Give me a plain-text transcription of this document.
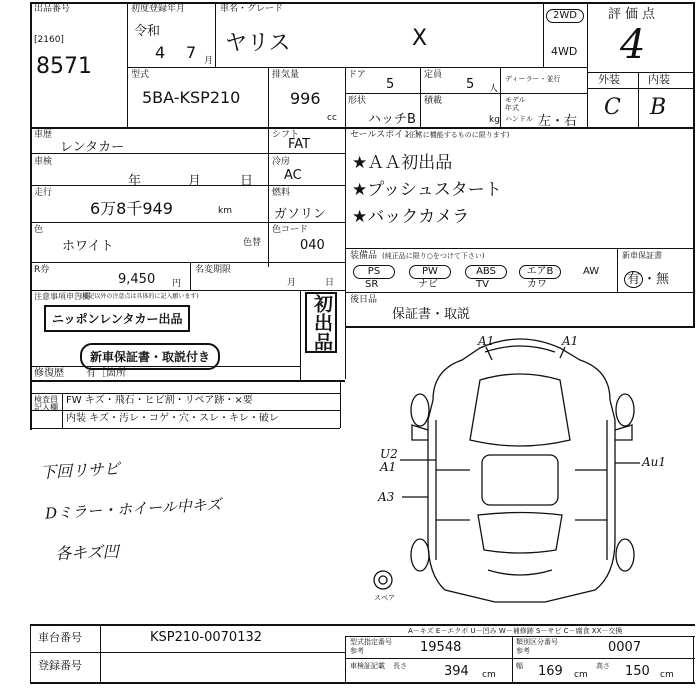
出品番号
[2160]
8571
初度登録年月
令和
4 7 月
車名・グレード
ヤリス	X
2WD
4WD
評価点
4
外装	内装
C B
型式
5BA-KSP210
排気量
996
cc
ドア
5
定員
5 人
ディーラー・並行
モデル年式
形状
ハッチB
積載
kg ハンドル 左・右
車歴
レンタカー
シフト
FAT
車検
年	月	日
冷房
AC
走行
6万8千949	km
燃料
ガソリン
色
ホワイト	色替
色コード
040
R券
9,450 円
名変期限
月	日
注意事項申告欄
(下記以外の注意点は具体的に記入願います)
ニッポンレンタカー出品
新車保証書・取説付き
初出品
修復歴 有［箇所
検査員記入欄
FW キズ・飛石・ヒビ割・リペア跡・×要
内装 キズ・汚レ・コゲ・穴・スレ・キレ・破レ
下回リサビ
Dミラー・ホイール中キズ
各キズ凹
セールスポイント
(正常に機能するものに限ります)
★ＡＡ初出品
★プッシュスタート
★バックカメラ
装備品 (純正品に限り○をつけて下さい)	新車保証書
有 ・無
PS	PW	ABS	エアB	AW
SR	ナビ	TV	カワ
後日品
保証書・取説
A1	A1
U2
A1
A3
Au1
スペア
A－キズ E－エクボ U－凹み W－補修跡 S－サビ C－腐食 XX－交換
車台番号	KSP210-0070132
登録番号
型式指定番号
参考	19548	類別区分番号
参考	0007
車検証記載	長さ	394 cm
幅 169 cm
高さ 150 cm
